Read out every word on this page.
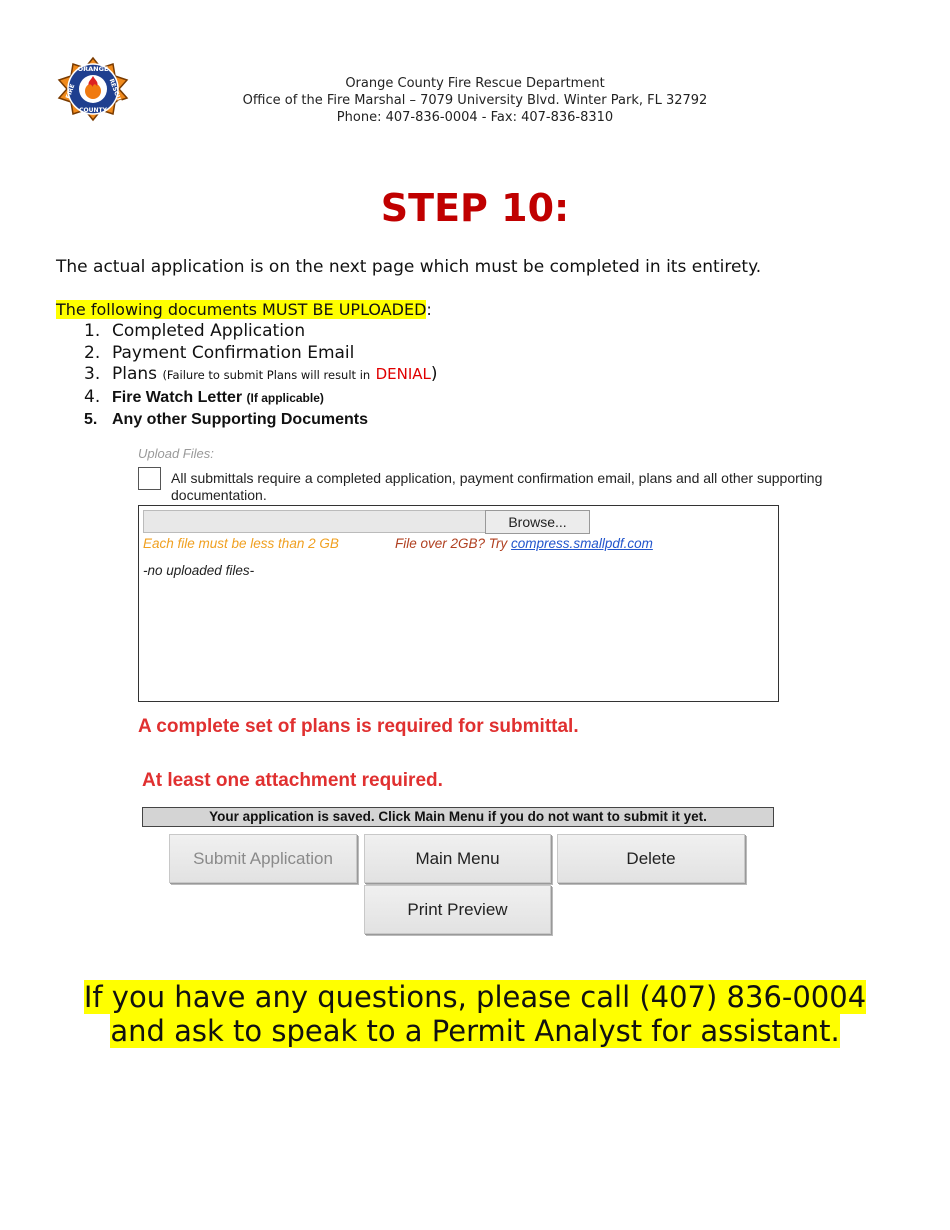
ORANGE
COUNTY
FIRE	RESCUE	Orange County Fire Rescue Department
Office of the Fire Marshal – 7079 University Blvd. Winter Park, FL 32792
Phone: 407-836-0004 - Fax: 407-836-8310
STEP 10:
The actual application is on the next page which must be completed in its entirety.
The following documents MUST BE UPLOADED:
1. Completed Application
2. Payment Confirmation Email
3. Plans (Failure to submit Plans will result in DENIAL)
4. Fire Watch Letter (If applicable)
5. Any other Supporting Documents
Upload Files:
All submittals require a completed application, payment confirmation email, plans and all other supporting documentation.
Browse...
Each file must be less than 2 GB	File over 2GB? Try compress.smallpdf.com
-no uploaded files-
A complete set of plans is required for submittal.
At least one attachment required.
Your application is saved. Click Main Menu if you do not want to submit it yet.
Submit Application	Main Menu	Delete
Print Preview
If you have any questions, please call (407) 836-0004
and ask to speak to a Permit Analyst for assistant.
